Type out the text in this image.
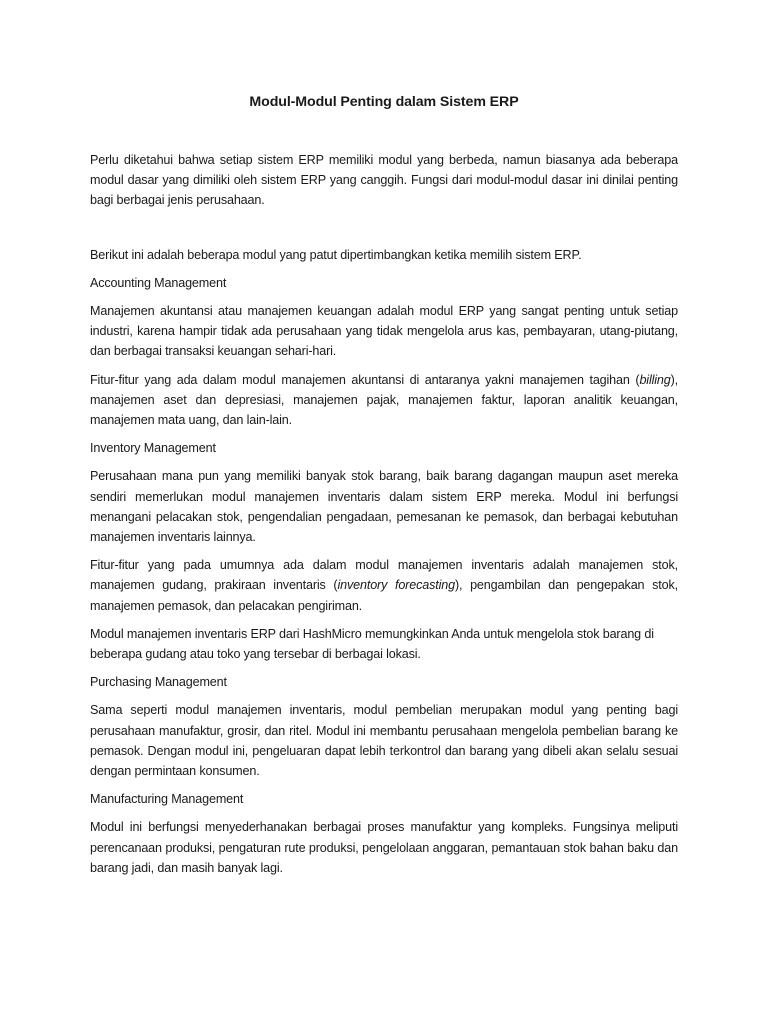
Modul-Modul Penting dalam Sistem ERP

Perlu diketahui bahwa setiap sistem ERP memiliki modul yang berbeda, namun biasanya ada beberapa modul dasar yang dimiliki oleh sistem ERP yang canggih. Fungsi dari modul-modul dasar ini dinilai penting bagi berbagai jenis perusahaan.

Berikut ini adalah beberapa modul yang patut dipertimbangkan ketika memilih sistem ERP.

Accounting Management

Manajemen akuntansi atau manajemen keuangan adalah modul ERP yang sangat penting untuk setiap industri, karena hampir tidak ada perusahaan yang tidak mengelola arus kas, pembayaran, utang-piutang, dan berbagai transaksi keuangan sehari-hari.

Fitur-fitur yang ada dalam modul manajemen akuntansi di antaranya yakni manajemen tagihan (billing), manajemen aset dan depresiasi, manajemen pajak, manajemen faktur, laporan analitik keuangan, manajemen mata uang, dan lain-lain.

Inventory Management

Perusahaan mana pun yang memiliki banyak stok barang, baik barang dagangan maupun aset mereka sendiri memerlukan modul manajemen inventaris dalam sistem ERP mereka. Modul ini berfungsi menangani pelacakan stok, pengendalian pengadaan, pemesanan ke pemasok, dan berbagai kebutuhan manajemen inventaris lainnya.

Fitur-fitur yang pada umumnya ada dalam modul manajemen inventaris adalah manajemen stok, manajemen gudang, prakiraan inventaris (inventory forecasting), pengambilan dan pengepakan stok, manajemen pemasok, dan pelacakan pengiriman.

Modul manajemen inventaris ERP dari HashMicro memungkinkan Anda untuk mengelola stok barang di beberapa gudang atau toko yang tersebar di berbagai lokasi.

Purchasing Management

Sama seperti modul manajemen inventaris, modul pembelian merupakan modul yang penting bagi perusahaan manufaktur, grosir, dan ritel. Modul ini membantu perusahaan mengelola pembelian barang ke pemasok. Dengan modul ini, pengeluaran dapat lebih terkontrol dan barang yang dibeli akan selalu sesuai dengan permintaan konsumen.

Manufacturing Management

Modul ini berfungsi menyederhanakan berbagai proses manufaktur yang kompleks. Fungsinya meliputi perencanaan produksi, pengaturan rute produksi, pengelolaan anggaran, pemantauan stok bahan baku dan barang jadi, dan masih banyak lagi.
